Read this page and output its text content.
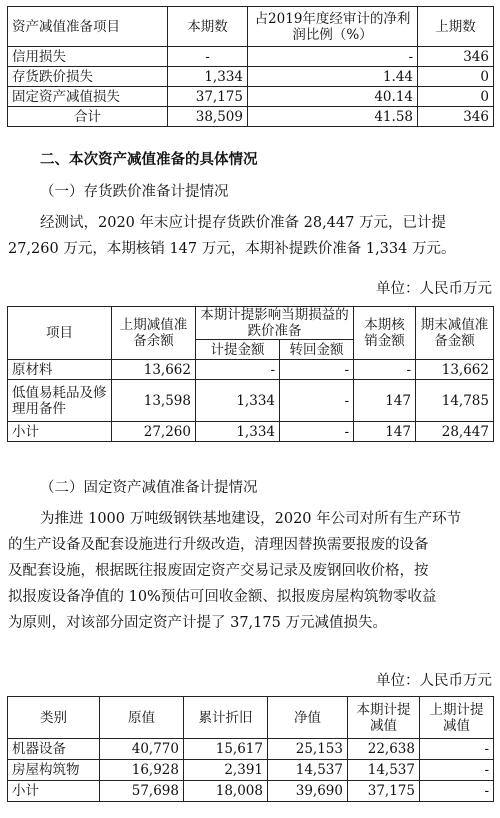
资产减值准备项目	本期数	占2019年度经审计的净利润比例（%）	上期数
信用损失	-	-	346
存货跌价损失	1,334	1.44	0
固定资产减值损失	37,175	40.14	0
合计	38,509	41.58	346
二、本次资产减值准备的具体情况
（一）存货跌价准备计提情况
经测试，2020 年末应计提存货跌价准备 28,447 万元，已计提
27,260 万元，本期核销 147 万元，本期补提跌价准备 1,334 万元。
单位：人民币万元
项目	上期减值准备余额	本期计提影响当期损益的跌价准备		本期核销金额	期末减值准备金额
		计提金额	转回金额		
原材料	13,662	-	-	-	13,662
低值易耗品及修理用备件	13,598	1,334	-	147	14,785
小计	27,260	1,334	-	147	28,447
（二）固定资产减值准备计提情况
为推进 1000 万吨级钢铁基地建设，2020 年公司对所有生产环节
的生产设备及配套设施进行升级改造，清理因替换需要报废的设备
及配套设施，根据既往报废固定资产交易记录及废钢回收价格，按
拟报废设备净值的 10%预估可回收金额、拟报废房屋构筑物零收益
为原则，对该部分固定资产计提了 37,175 万元减值损失。
单位：人民币万元
类别	原值	累计折旧	净值	本期计提减值	上期计提减值
机器设备	40,770	15,617	25,153	22,638	-
房屋构筑物	16,928	2,391	14,537	14,537	-
小计	57,698	18,008	39,690	37,175	-
